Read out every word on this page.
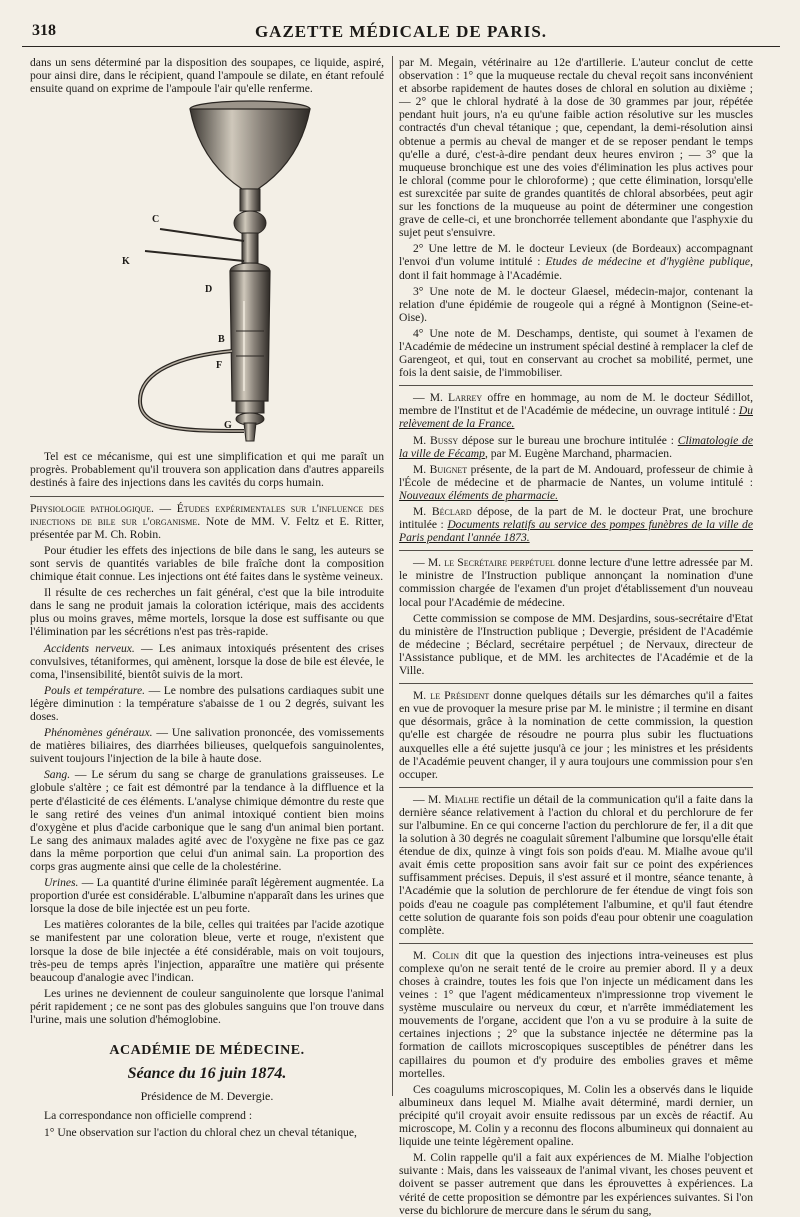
318	GAZETTE MÉDICALE DE PARIS.

dans un sens déterminé par la disposition des soupapes, ce liquide, aspiré, pour ainsi dire, dans le récipient, quand l'ampoule se dilate, en étant refoulé ensuite quand on exprime de l'ampoule l'air qu'elle renferme.

D
C
K
B
F
G

Tel est ce mécanisme, qui est une simplification et qui me paraît un progrès. Probablement qu'il trouvera son application dans d'autres appareils destinés à faire des injections dans les cavités du corps humain.

Physiologie pathologique. — Études expérimentales sur l'influence des injections de bile sur l'organisme. Note de MM. V. Feltz et E. Ritter, présentée par M. Ch. Robin.

Pour étudier les effets des injections de bile dans le sang, les auteurs se sont servis de quantités variables de bile fraîche dont la composition chimique était connue. Les injections ont été faites dans le système veineux.

Il résulte de ces recherches un fait général, c'est que la bile introduite dans le sang ne produit jamais la coloration ictérique, mais des accidents plus ou moins graves, même mortels, lorsque la dose est suffisante ou que l'élimination par les sécrétions n'est pas très-rapide.

Accidents nerveux. — Les animaux intoxiqués présentent des crises convulsives, tétaniformes, qui amènent, lorsque la dose de bile est élevée, le coma, l'insensibilité, bientôt suivis de la mort.

Pouls et température. — Le nombre des pulsations cardiaques subit une légère diminution : la température s'abaisse de 1 ou 2 degrés, suivant les doses.

Phénomènes généraux. — Une salivation prononcée, des vomissements de matières biliaires, des diarrhées bilieuses, quelquefois sanguinolentes, suivent toujours l'injection de la bile à haute dose.

Sang. — Le sérum du sang se charge de granulations graisseuses. Le globule s'altère ; ce fait est démontré par la tendance à la diffluence et la perte d'élasticité de ces éléments. L'analyse chimique démontre du reste que le sang retiré des veines d'un animal intoxiqué contient bien moins d'oxygène et plus d'acide carbonique que le sang d'un animal bien portant. Le sang des animaux malades agité avec de l'oxygène ne fixe pas ce gaz dans la même porportion que celui d'un animal sain. La proportion des corps gras augmente ainsi que celle de la cholestérine.

Urines. — La quantité d'urine éliminée paraît légèrement augmentée. La proportion d'urée est considérable. L'albumine n'apparaît dans les urines que lorsque la dose de bile injectée est un peu forte.

Les matières colorantes de la bile, celles qui traitées par l'acide azotique se manifestent par une coloration bleue, verte et rouge, n'existent que lorsque la dose de bile injectée a été considérable, mais on voit toujours, très-peu de temps après l'injection, apparaître une matière qui présente beaucoup d'analogie avec l'indican.

Les urines ne deviennent de couleur sanguinolente que lorsque l'animal périt rapidement ; ce ne sont pas des globules sanguins que l'on trouve dans l'urine, mais une solution d'hémoglobine.

ACADÉMIE DE MÉDECINE.
Séance du 16 juin 1874.
Présidence de M. Devergie.

La correspondance non officielle comprend :

1° Une observation sur l'action du chloral chez un cheval tétanique,

par M. Megain, vétérinaire au 12e d'artillerie. L'auteur conclut de cette observation : 1° que la muqueuse rectale du cheval reçoit sans inconvénient et absorbe rapidement de hautes doses de chloral en solution au dixième ; — 2° que le chloral hydraté à la dose de 30 grammes par jour, répétée pendant huit jours, n'a eu qu'une faible action résolutive sur les muscles contractés d'un cheval tétanique ; que, cependant, la demi-résolution ainsi obtenue a permis au cheval de manger et de se reposer pendant le temps qu'elle a duré, c'est-à-dire pendant deux heures environ ; — 3° que la muqueuse bronchique est une des voies d'élimination les plus actives pour le chloral (comme pour le chloroforme) ; que cette élimination, lorsqu'elle est surexcitée par suite de grandes quantités de chloral absorbées, peut agir sur les fonctions de la muqueuse au point de déterminer une congestion grave de celle-ci, et une bronchorrée tellement abondante que l'asphyxie du sujet peut s'ensuivre.

2° Une lettre de M. le docteur Levieux (de Bordeaux) accompagnant l'envoi d'un volume intitulé : Etudes de médecine et d'hygiène publique, dont il fait hommage à l'Académie.

3° Une note de M. le docteur Glaesel, médecin-major, contenant la relation d'une épidémie de rougeole qui a régné à Montignon (Seine-et-Oise).

4° Une note de M. Deschamps, dentiste, qui soumet à l'examen de l'Académie de médecine un instrument spécial destiné à remplacer la clef de Garengeot, et qui, tout en conservant au crochet sa mobilité, permet, une fois la dent saisie, de l'immobiliser.

— M. Larrey offre en hommage, au nom de M. le docteur Sédillot, membre de l'Institut et de l'Académie de médecine, un ouvrage intitulé : Du relèvement de la France.

M. Bussy dépose sur le bureau une brochure intitulée : Climatologie de la ville de Fécamp, par M. Eugène Marchand, pharmacien.

M. Buignet présente, de la part de M. Andouard, professeur de chimie à l'École de médecine et de pharmacie de Nantes, un volume intitulé : Nouveaux éléments de pharmacie.

M. Béclard dépose, de la part de M. le docteur Prat, une brochure intitulée : Documents relatifs au service des pompes funèbres de la ville de Paris pendant l'année 1873.

— M. le Secrétaire perpétuel donne lecture d'une lettre adressée par M. le ministre de l'Instruction publique annonçant la nomination d'une commission chargée de l'examen d'un projet d'établissement d'un nouveau local pour l'Académie de médecine.

Cette commission se compose de MM. Desjardins, sous-secrétaire d'Etat du ministère de l'Instruction publique ; Devergie, président de l'Académie de médecine ; Béclard, secrétaire perpétuel ; de Nervaux, directeur de l'Assistance publique, et de MM. les architectes de l'Académie et de la Ville.

M. le Président donne quelques détails sur les démarches qu'il a faites en vue de provoquer la mesure prise par M. le ministre ; il termine en disant que désormais, grâce à la nomination de cette commission, la question qu'elle est chargée de résoudre ne pourra plus subir les fluctuations auxquelles elle a été sujette jusqu'à ce jour ; les ministres et les présidents de l'Académie peuvent changer, il y aura toujours une commission pour s'en occuper.

— M. Mialhe rectifie un détail de la communication qu'il a faite dans la dernière séance relativement à l'action du chloral et du perchlorure de fer sur l'albumine. En ce qui concerne l'action du perchlorure de fer, il a dit que la solution à 30 degrés ne coagulait sûrement l'albumine que lorsqu'elle était étendue de dix, quinze à vingt fois son poids d'eau. M. Mialhe avoue qu'il avait émis cette proposition sans avoir fait sur ce point des expériences suffisamment précises. Depuis, il s'est assuré et il montre, séance tenante, à l'Académie que la solution de perchlorure de fer étendue de vingt fois son poids d'eau ne coagule pas complétement l'albumine, et qu'il faut étendre cette solution de quarante fois son poids d'eau pour obtenir une coagulation complète.

M. Colin dit que la question des injections intra-veineuses est plus complexe qu'on ne serait tenté de le croire au premier abord. Il y a deux choses à craindre, toutes les fois que l'on injecte un médicament dans les veines : 1° que l'agent médicamenteux n'impressionne trop vivement le système musculaire ou nerveux du cœur, et n'arrête immédiatement les mouvements de l'organe, accident que l'on a vu se produire à la suite de certaines injections ; 2° que la substance injectée ne détermine pas la formation de caillots microscopiques susceptibles de pénétrer dans les capillaires du poumon et d'y produire des embolies graves et même mortelles.

Ces coagulums microscopiques, M. Colin les a observés dans le liquide albumineux dans lequel M. Mialhe avait déterminé, mardi dernier, un précipité qu'il croyait avoir ensuite redissous par un excès de réactif. Au microscope, M. Colin y a reconnu des flocons albumineux qui donnaient au liquide une teinte légèrement opaline.

M. Colin rappelle qu'il a fait aux expériences de M. Mialhe l'objection suivante : Mais, dans les vaisseaux de l'animal vivant, les choses peuvent et doivent se passer autrement que dans les éprouvettes à expériences. La vérité de cette proposition se démontre par les expériences suivantes. Si l'on verse du bichlorure de mercure dans le sérum du sang,
